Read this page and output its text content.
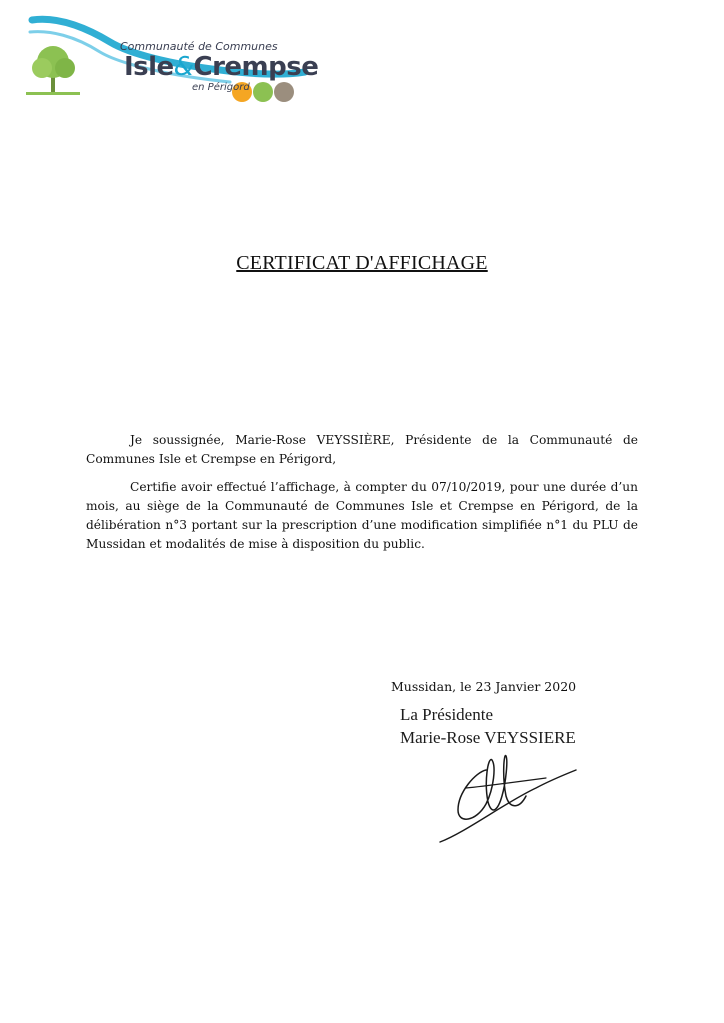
Communauté de Communes
Isle&Crempse
en Périgord
CERTIFICAT D'AFFICHAGE

Je soussignée, Marie-Rose VEYSSIÈRE, Présidente de la Communauté de Communes Isle et Crempse en Périgord,

Certifie avoir effectué l’affichage, à compter du 07/10/2019, pour une durée d’un mois, au siège de la Communauté de Communes Isle et Crempse en Périgord, de la délibération n°3 portant sur la prescription d’une modification simplifiée n°1 du PLU de Mussidan et modalités de mise à disposition du public.

Mussidan, le 23 Janvier 2020
La Présidente
Marie-Rose VEYSSIERE
